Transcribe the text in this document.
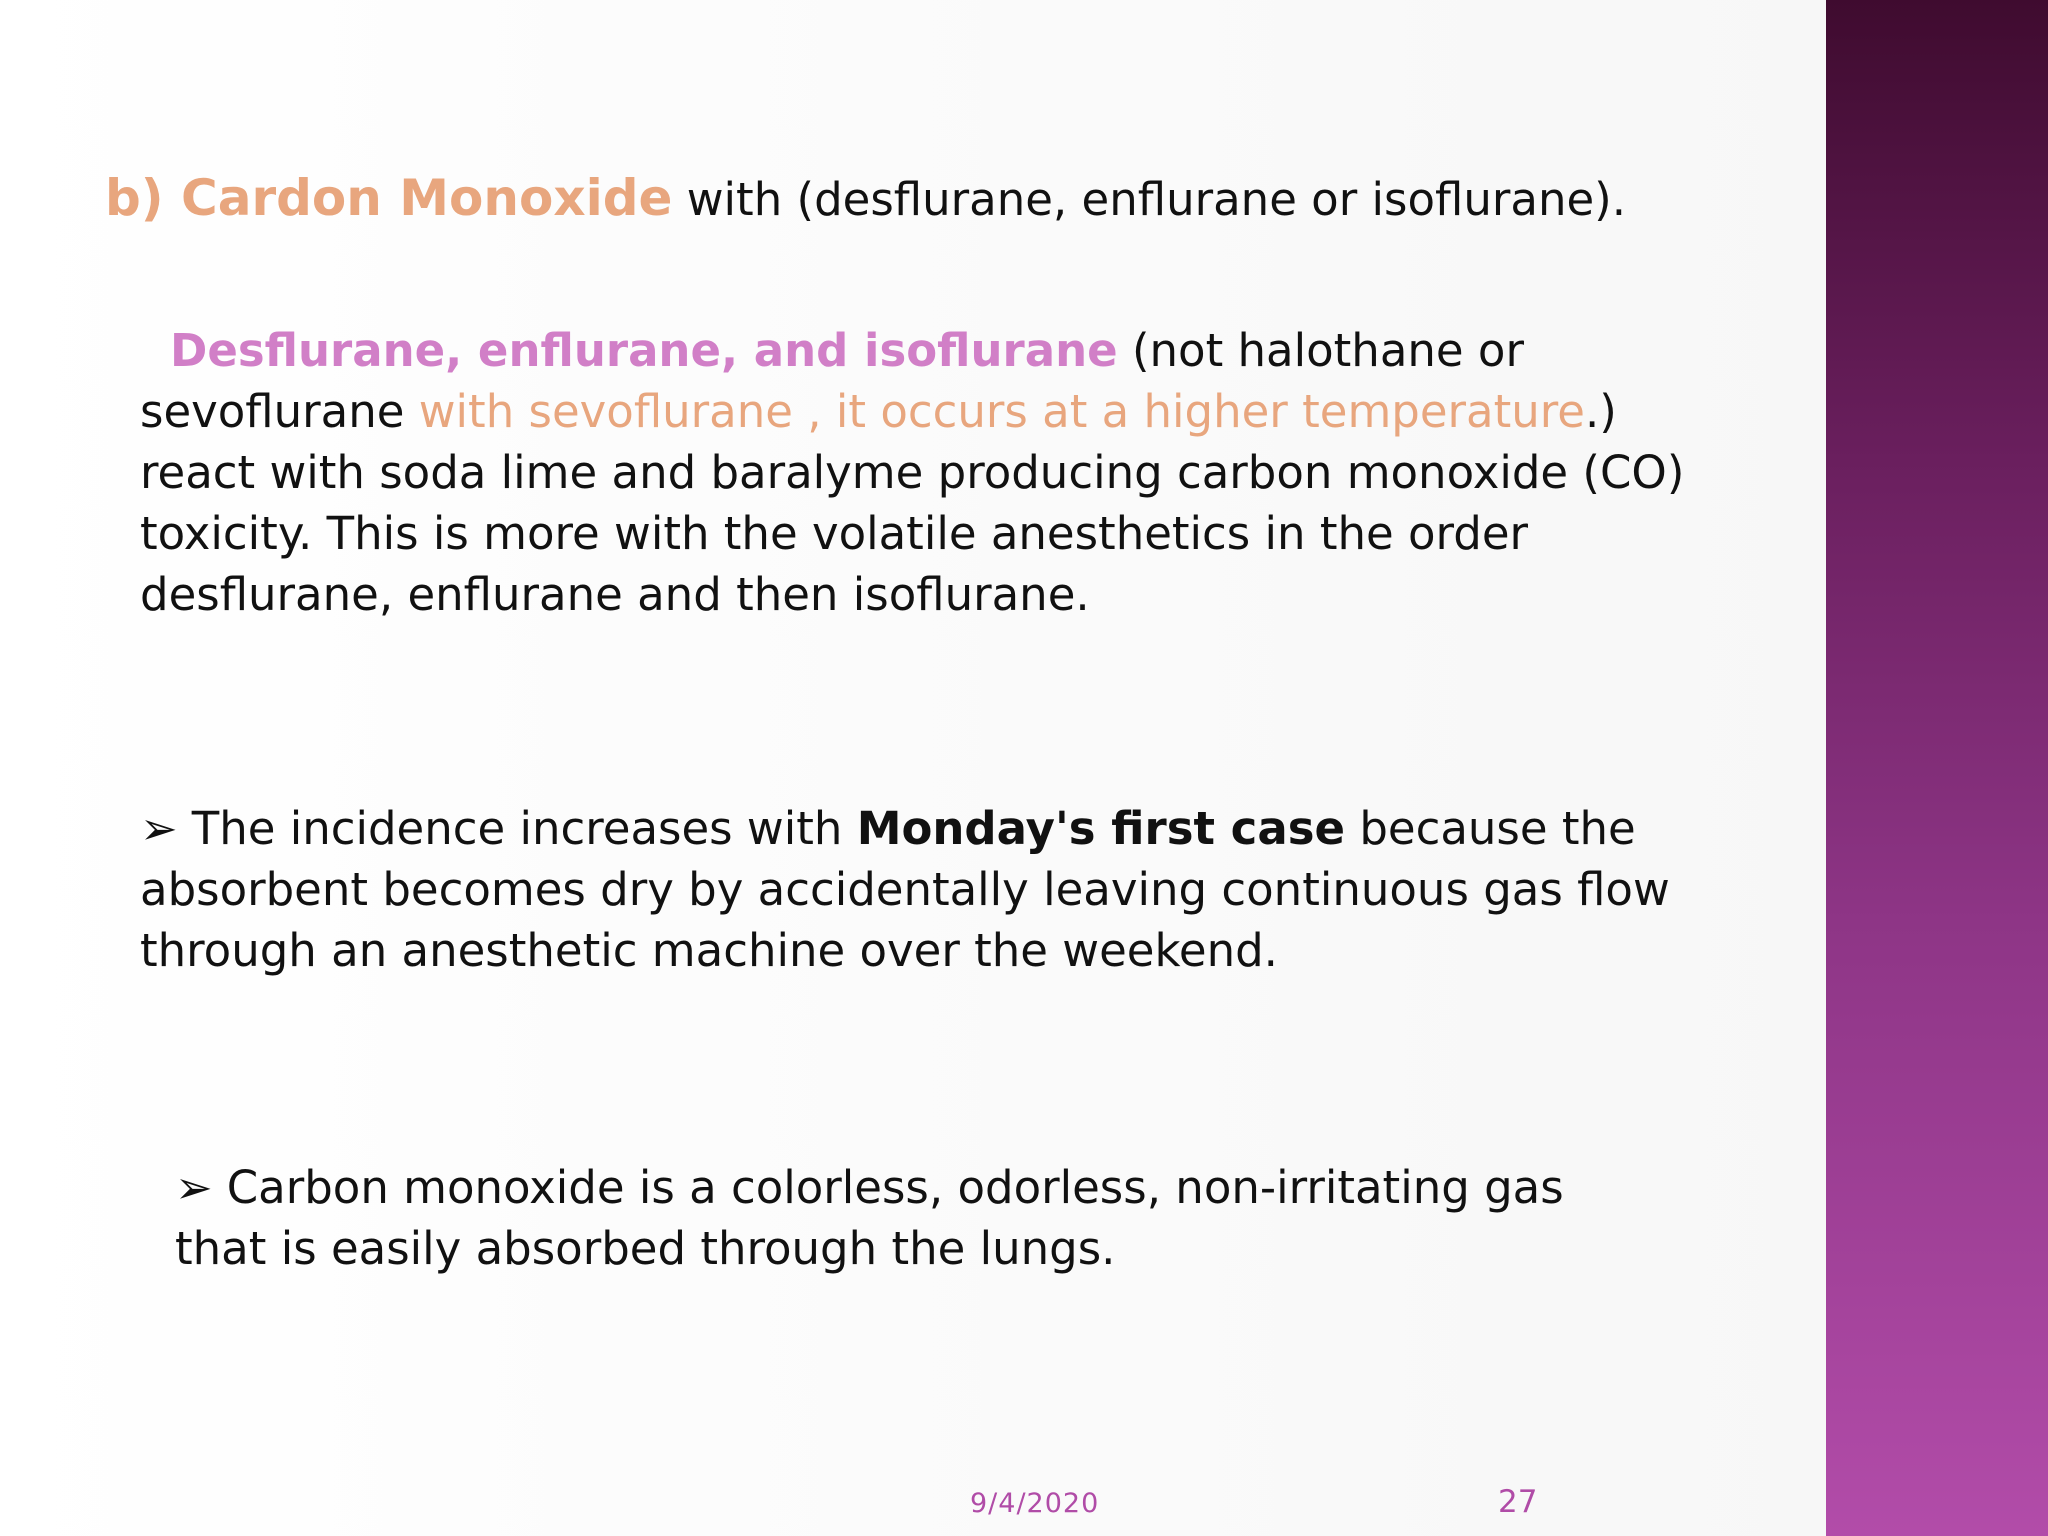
b) Cardon Monoxide with (desflurane, enflurane or isoflurane).
Desflurane, enflurane, and isoflurane (not halothane or
sevoflurane with sevoflurane , it occurs at a higher temperature.)
react with soda lime and baralyme producing carbon monoxide (CO)
toxicity. This is more with the volatile anesthetics in the order
desflurane, enflurane and then isoflurane.
➢ The incidence increases with Monday's first case because the
absorbent becomes dry by accidentally leaving continuous gas flow
through an anesthetic machine over the weekend.
➢ Carbon monoxide is a colorless, odorless, non-irritating gas
that is easily absorbed through the lungs.
9/4/2020	27
